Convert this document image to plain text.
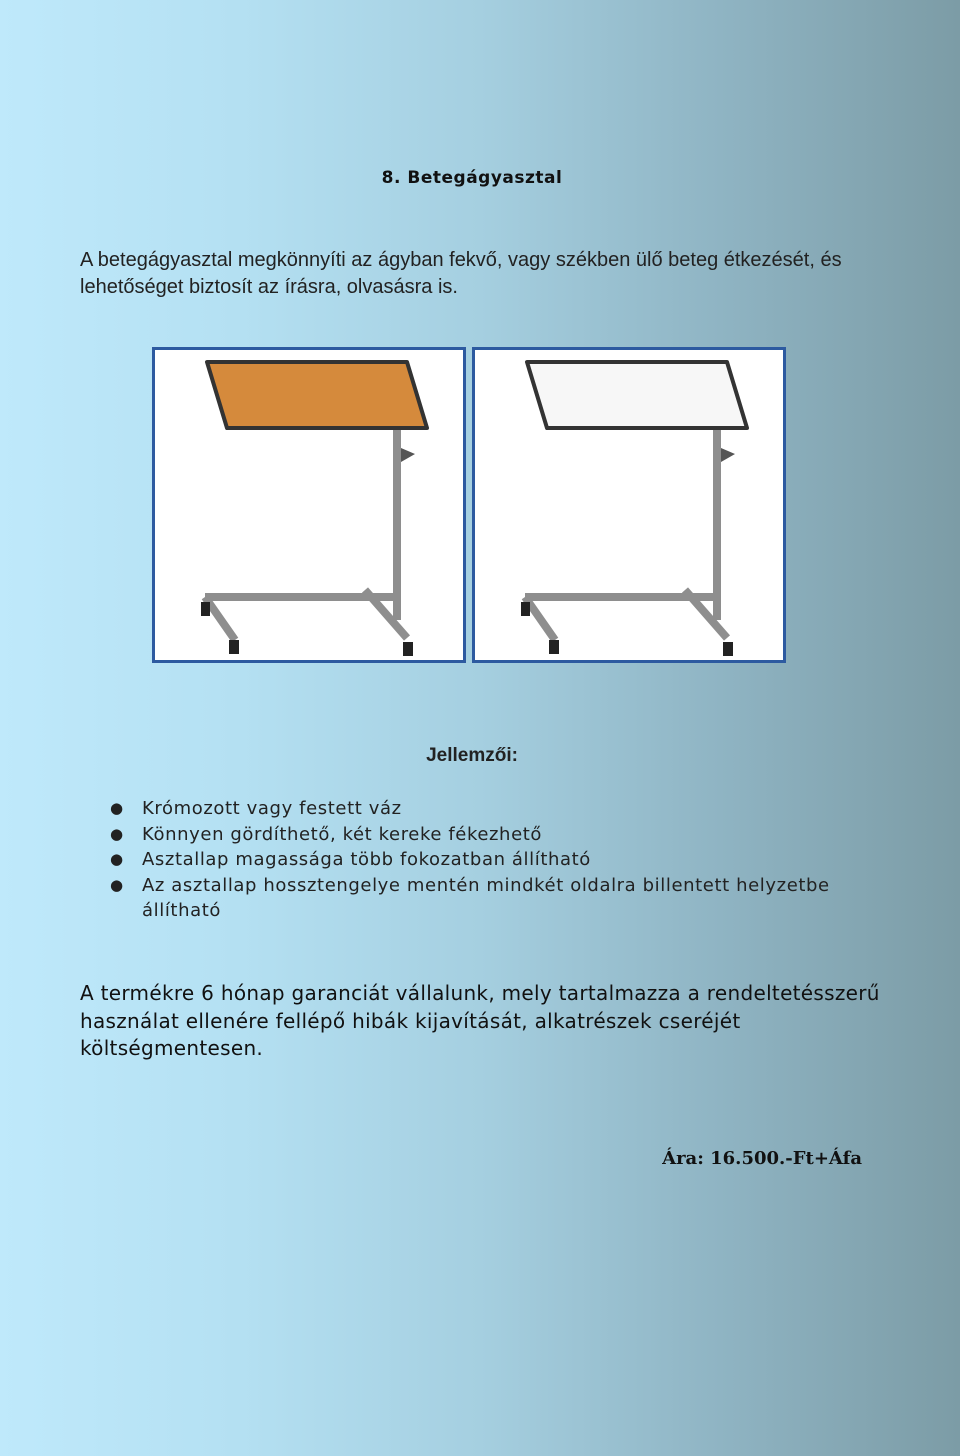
8. Betegágyasztal

A betegágyasztal megkönnyíti az ágyban fekvő, vagy székben ülő beteg étkezését, és lehetőséget biztosít az írásra, olvasásra is.

Jellemzői:
● Krómozott vagy festett váz
● Könnyen gördíthető, két kereke fékezhető
● Asztallap magassága több fokozatban állítható
● Az asztallap hossztengelye mentén mindkét oldalra billentett helyzetbe állítható

A termékre 6 hónap garanciát vállalunk, mely tartalmazza a rendeltetésszerű használat ellenére fellépő hibák kijavítását, alkatrészek cseréjét költségmentesen.

Ára: 16.500.-Ft+Áfa
